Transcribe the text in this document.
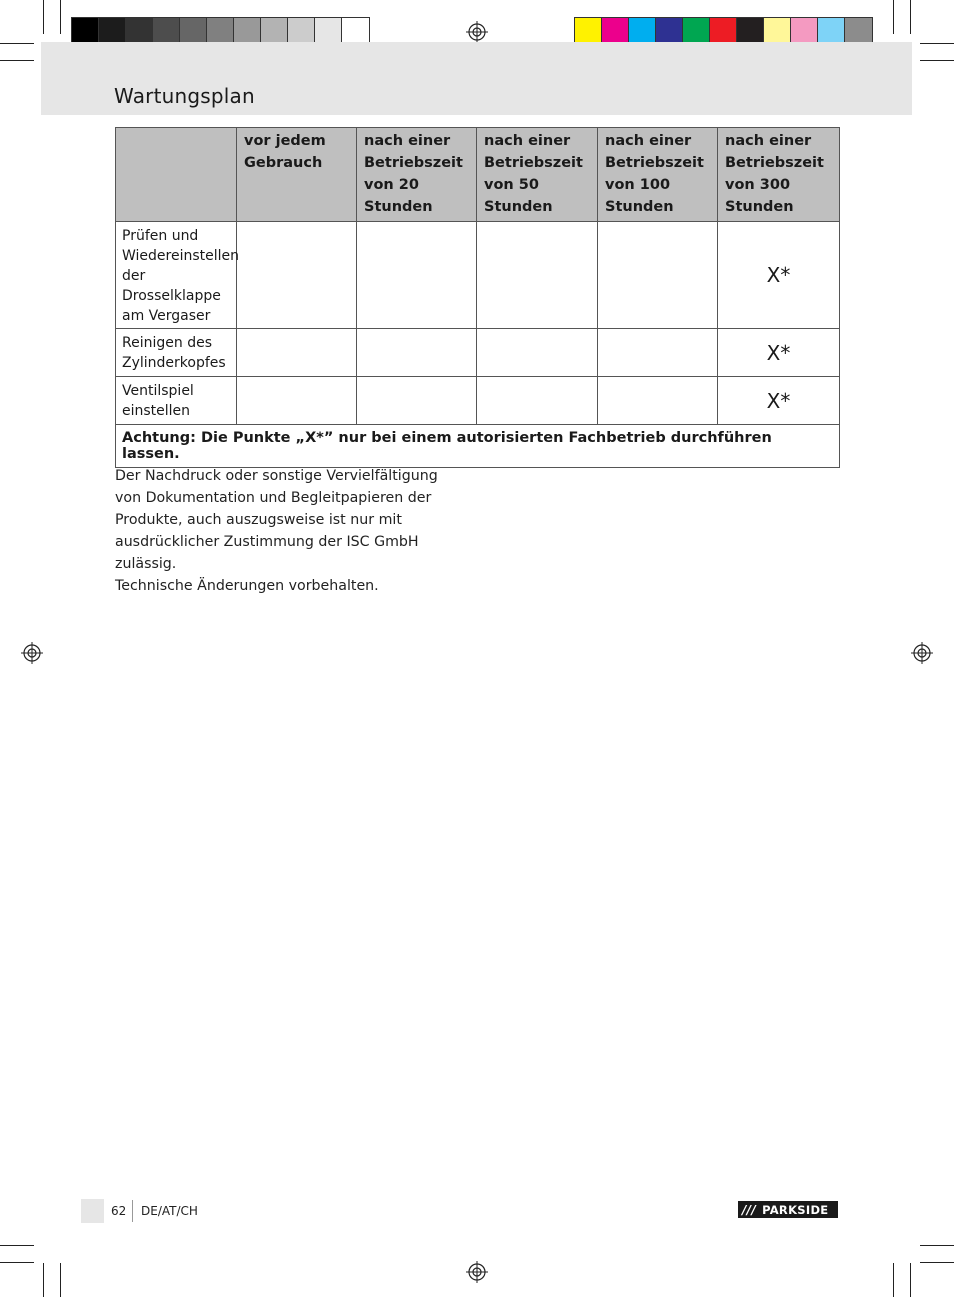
Wartungsplan
	vor jedem Gebrauch	nach einer Betriebszeit von 20 Stunden	nach einer Betriebszeit von 50 Stunden	nach einer Betriebszeit von 100 Stunden	nach einer Betriebszeit von 300 Stunden
Prüfen und Wiedereinstellen der Drosselklappe am Vergaser					X*
Reinigen des Zylinderkopfes					X*
Ventilspiel einstellen					X*
Achtung: Die Punkte „X*” nur bei einem autorisierten Fachbetrieb durchführen lassen.					
Der Nachdruck oder sonstige Vervielfältigung von Dokumentation und Begleitpapieren der Produkte, auch auszugsweise ist nur mit ausdrücklicher Zustimmung der ISC GmbH zulässig.
Technische Änderungen vorbehalten.
62 DE/AT/CH	/// PARKSIDE
